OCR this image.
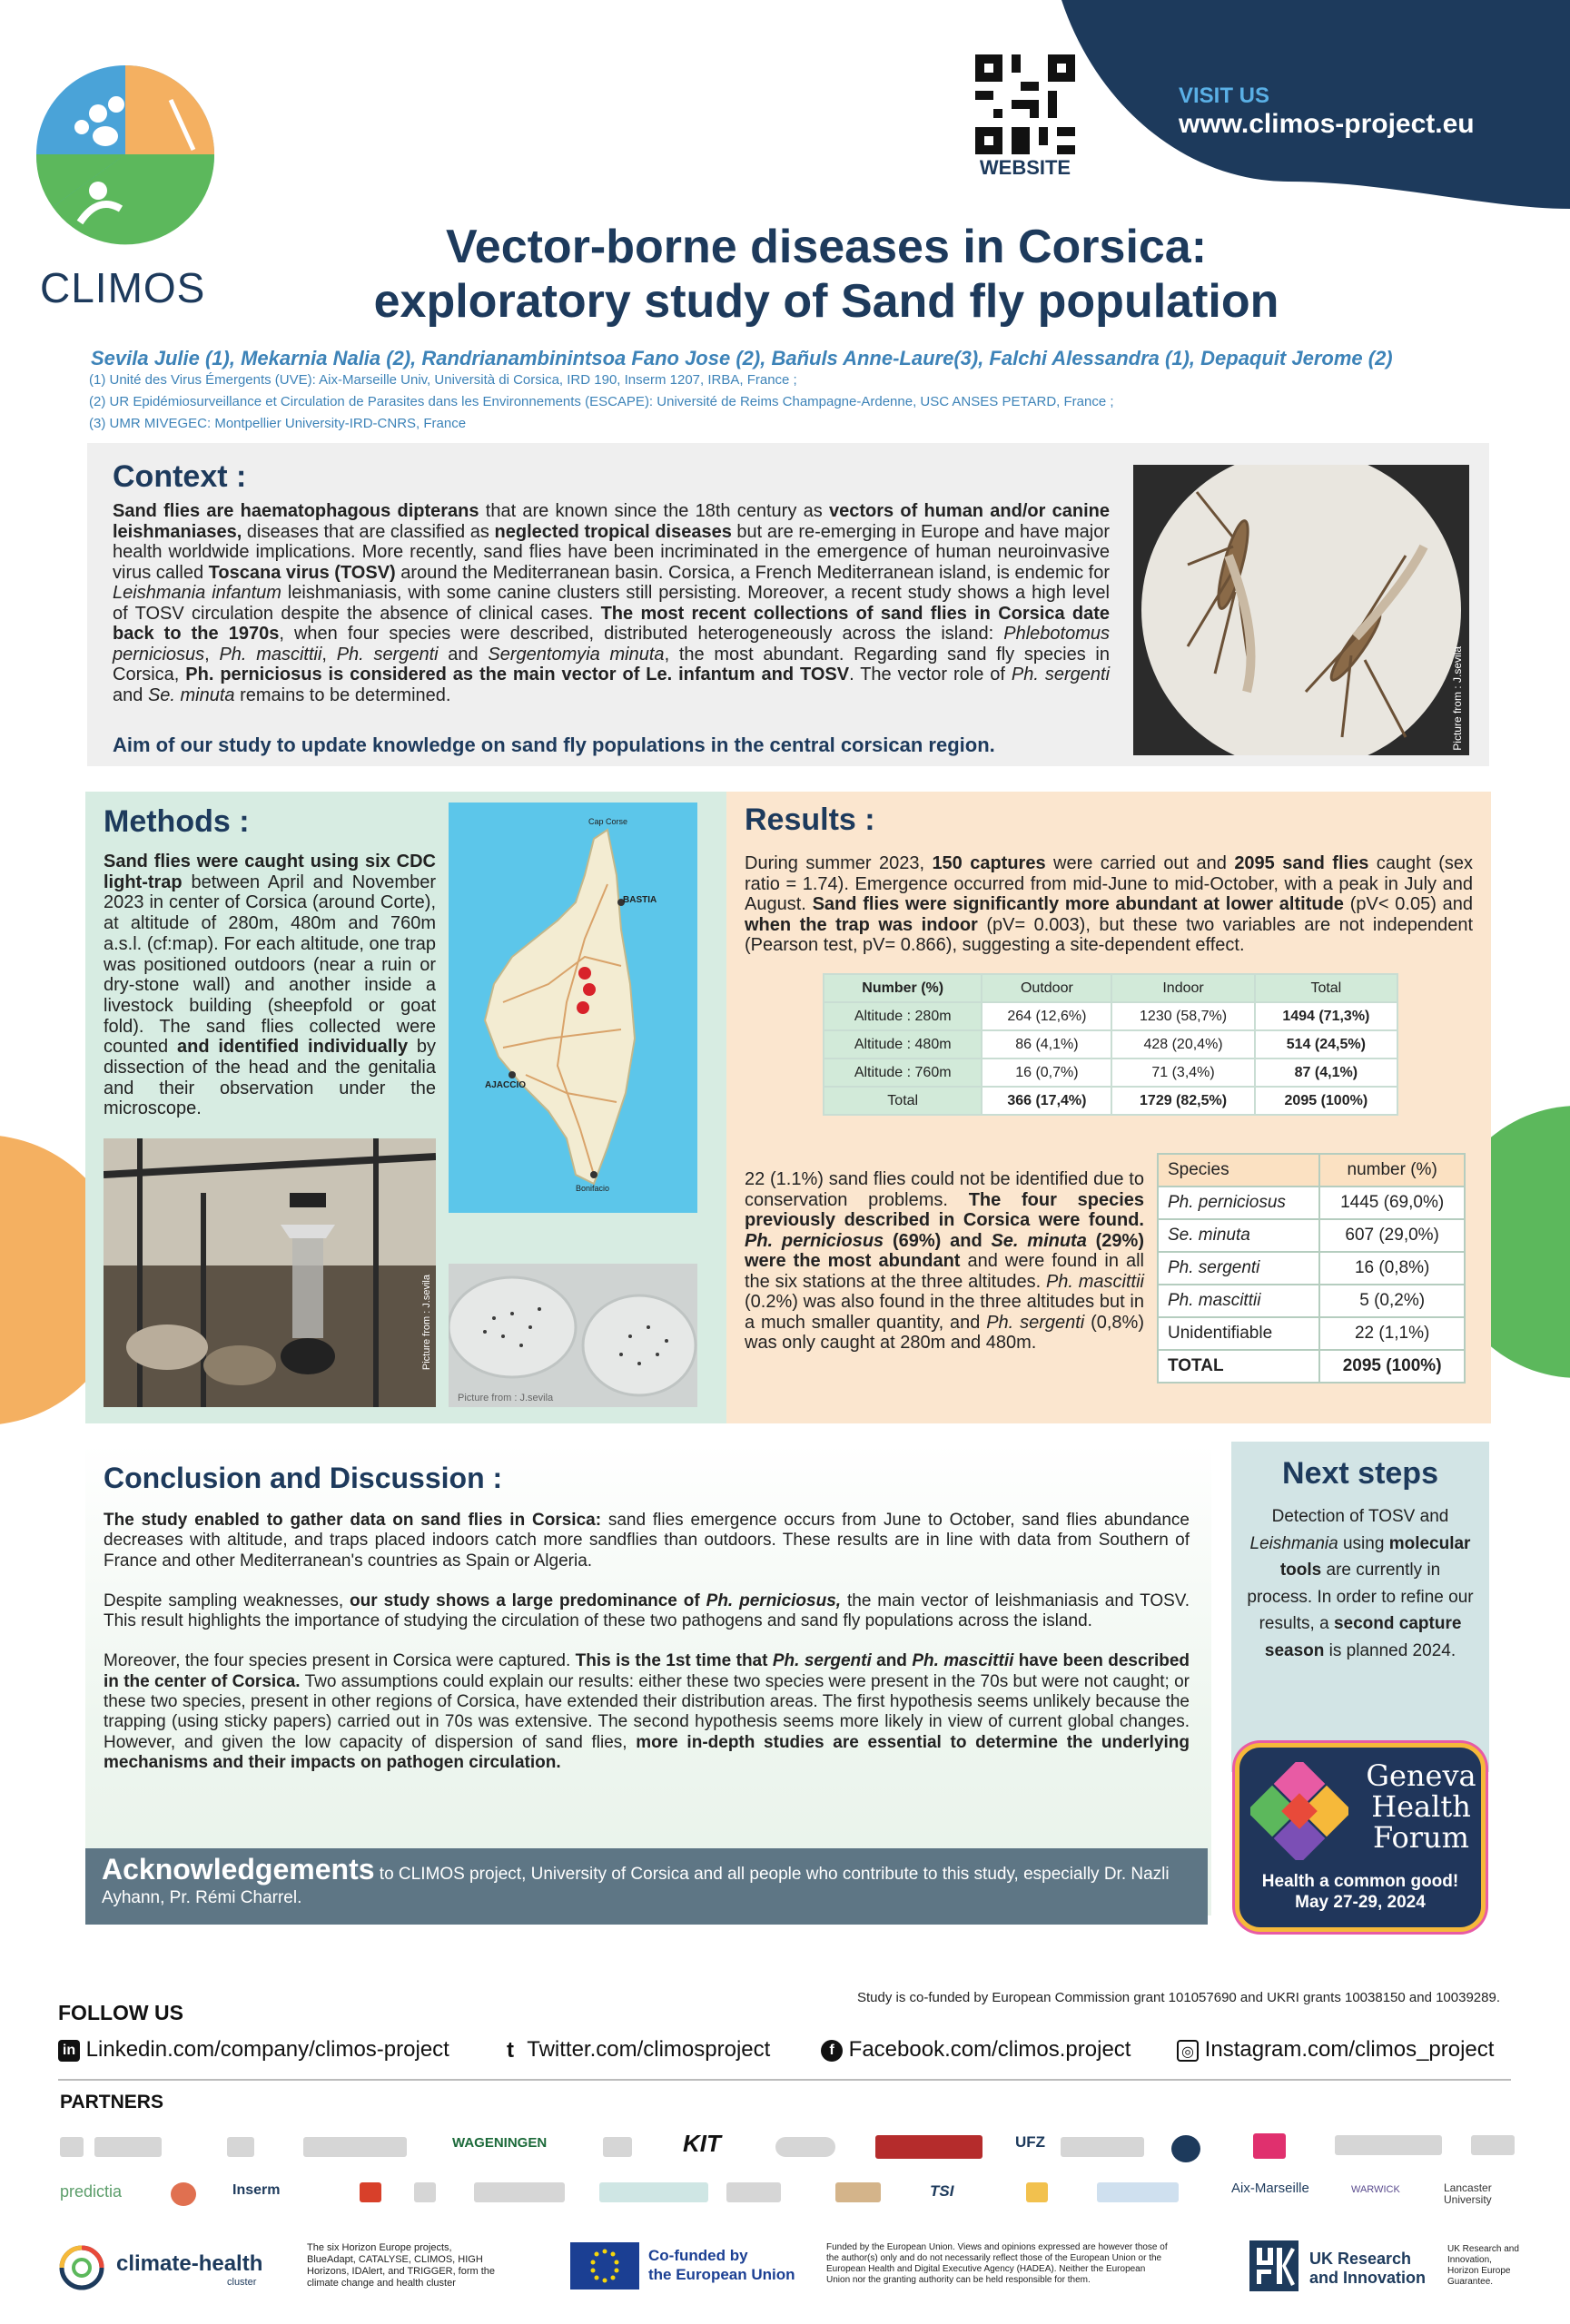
CLIMOS
WEBSITE
VISIT US
www.climos-project.eu
Vector-borne diseases in Corsica:
exploratory study of Sand fly population
Sevila Julie (1), Mekarnia Nalia (2), Randrianambinintsoa Fano Jose (2), Bañuls Anne-Laure(3), Falchi Alessandra (1), Depaquit Jerome (2)
(1) Unité des Virus Émergents (UVE): Aix-Marseille Univ, Università di Corsica, IRD 190, Inserm 1207, IRBA, France ;
(2) UR Epidémiosurveillance et Circulation de Parasites dans les Environnements (ESCAPE): Université de Reims Champagne-Ardenne, USC ANSES PETARD, France ;
(3) UMR MIVEGEC: Montpellier University-IRD-CNRS, France
Context :
Sand flies are haematophagous dipterans that are known since the 18th century as vectors of human and/or canine leishmaniases, diseases that are classified as neglected tropical diseases but are re-emerging in Europe and have major health worldwide implications. More recently, sand flies have been incriminated in the emergence of human neuroinvasive virus called Toscana virus (TOSV) around the Mediterranean basin. Corsica, a French Mediterranean island, is endemic for Leishmania infantum leishmaniasis, with some canine clusters still persisting. Moreover, a recent study shows a high level of TOSV circulation despite the absence of clinical cases. The most recent collections of sand flies in Corsica date back to the 1970s, when four species were described, distributed heterogeneously across the island: Phlebotomus perniciosus, Ph. mascittii, Ph. sergenti and Sergentomyia minuta, the most abundant. Regarding sand fly species in Corsica, Ph. perniciosus is considered as the main vector of Le. infantum and TOSV. The vector role of Ph. sergenti and Se. minuta remains to be determined.
Aim of our study to update knowledge on sand fly populations in the central corsican region.	Picture from : J.sevila
Methods :
Sand flies were caught using six CDC light-trap between April and November 2023 in center of Corsica (around Corte), at altitude of 280m, 480m and 760m a.s.l. (cf:map). For each altitude, one trap was positioned outdoors (near a ruin or dry-stone wall) and another inside a livestock building (sheepfold or goat fold). The sand flies collected were counted and identified individually by dissection of the head and the genitalia and their observation under the microscope.
BASTIA
AJACCIO
Cap Corse
Bonifacio
Picture from : J.sevila
Picture from : J.sevila
Results :
During summer 2023, 150 captures were carried out and 2095 sand flies caught (sex ratio = 1.74). Emergence occurred from mid-June to mid-October, with a peak in July and August. Sand flies were significantly more abundant at lower altitude (pV< 0.05) and when the trap was indoor (pV= 0.003), but these two variables are not independent (Pearson test, pV= 0.866), suggesting a site-dependent effect.
Number (%)	Outdoor	Indoor	Total
Altitude : 280m	264 (12,6%)	1230 (58,7%)	1494 (71,3%)
Altitude : 480m	86 (4,1%)	428 (20,4%)	514 (24,5%)
Altitude : 760m	16 (0,7%)	71 (3,4%)	87 (4,1%)
Total	366 (17,4%)	1729 (82,5%)	2095 (100%)
22 (1.1%) sand flies could not be identified due to conservation problems. The four species previously described in Corsica were found. Ph. perniciosus (69%) and Se. minuta (29%) were the most abundant and were found in all the six stations at the three altitudes. Ph. mascittii (0.2%) was also found in the three altitudes but in a much smaller quantity, and Ph. sergenti (0,8%) was only caught at 280m and 480m.
Species	number (%)
Ph. perniciosus	1445 (69,0%)
Se. minuta	607 (29,0%)
Ph. sergenti	16 (0,8%)
Ph. mascittii	5 (0,2%)
Unidentifiable	22 (1,1%)
TOTAL	2095 (100%)
Conclusion and Discussion :

The study enabled to gather data on sand flies in Corsica: sand flies emergence occurs from June to October, sand flies abundance decreases with altitude, and traps placed indoors catch more sandflies than outdoors. These results are in line with data from Southern of France and other Mediterranean's countries as Spain or Algeria.

Despite sampling weaknesses, our study shows a large predominance of Ph. perniciosus, the main vector of leishmaniasis and TOSV. This result highlights the importance of studying the circulation of these two pathogens and sand fly populations across the island.

Moreover, the four species present in Corsica were captured. This is the 1st time that Ph. sergenti and Ph. mascittii have been described in the center of Corsica. Two assumptions could explain our results: either these two species were present in the 70s but were not caught; or these two species, present in other regions of Corsica, have extended their distribution areas. The first hypothesis seems unlikely because the trapping (using sticky papers) carried out in 70s was extensive. The second hypothesis seems more likely in view of current global changes. However, and given the low capacity of dispersion of sand flies, more in-depth studies are essential to determine the underlying mechanisms and their impacts on pathogen circulation.

Next steps
Detection of TOSV and Leishmania using molecular tools are currently in process. In order to refine our results, a second capture season is planned 2024.
Geneva
Health
Forum
Health a common good!
May 27-29, 2024
Acknowledgements to CLIMOS project, University of Corsica and all people who contribute to this study, especially Dr. Nazli Ayhann, Pr. Rémi Charrel.
Study is co-funded by European Commission grant 101057690 and UKRI grants 10038150 and 10039289.
FOLLOW US
in Linkedin.com/company/climos-project	t Twitter.com/climosproject	f Facebook.com/climos.project	◎ Instagram.com/climos_project
PARTNERS
WAGENINGEN	KIT	UFZ
predictia	Inserm	TSI	Aix-Marseille	WARWICK	Lancaster University
climate-health
cluster
The six Horizon Europe projects, BlueAdapt, CATALYSE, CLIMOS, HIGH Horizons, IDAlert, and TRIGGER, form the climate change and health cluster
Co-funded by
the European Union
Funded by the European Union. Views and opinions expressed are however those of the author(s) only and do not necessarily reflect those of the European Union or the European Health and Digital Executive Agency (HADEA). Neither the European Union nor the granting authority can be held responsible for them.
UK Research
and Innovation
UK Research and Innovation, Horizon Europe Guarantee.
